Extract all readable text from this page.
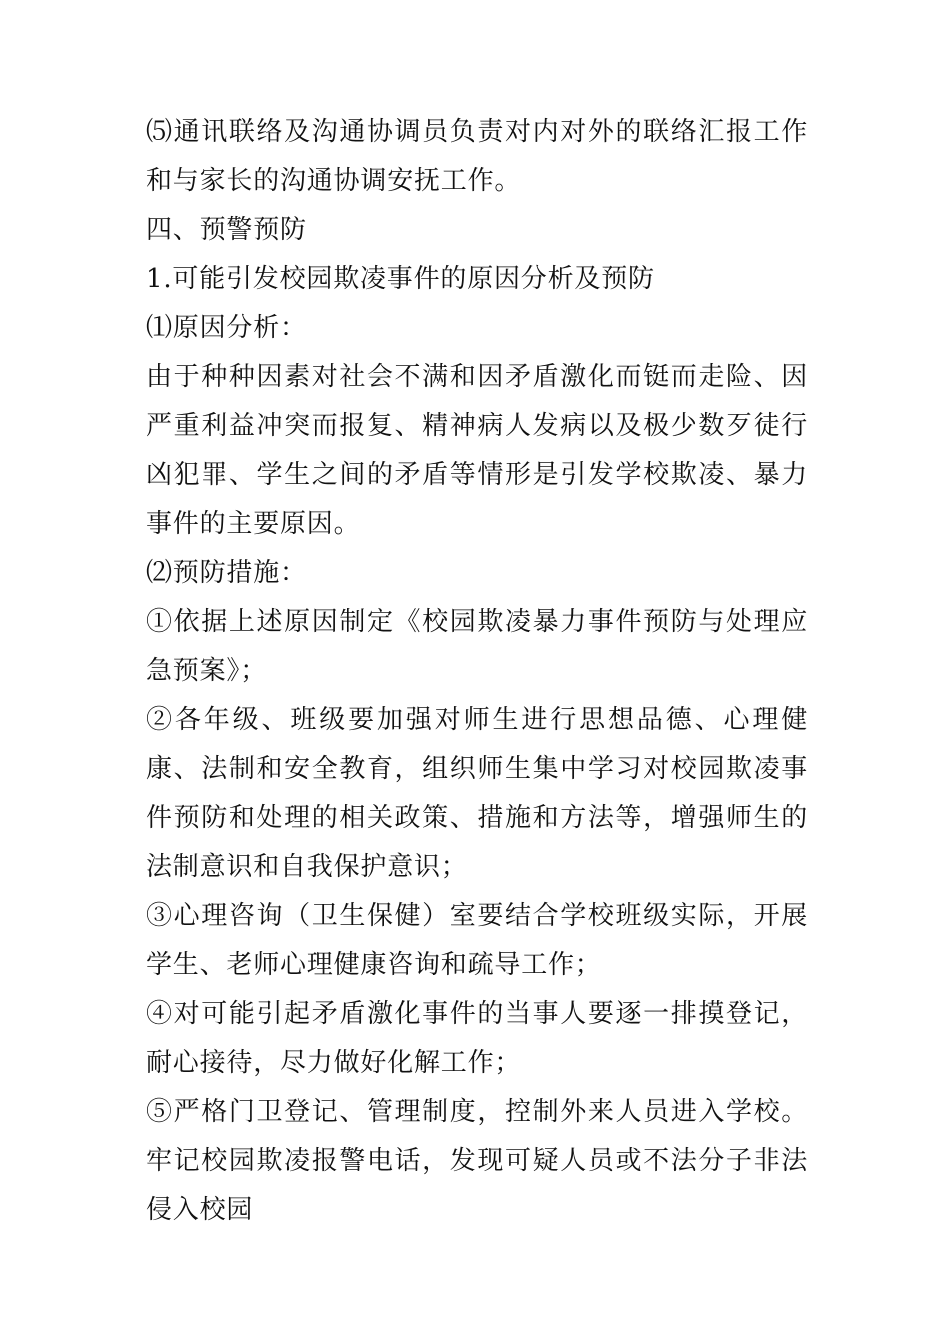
⑸通讯联络及沟通协调员负责对内对外的联络汇报工作和与家长的沟通协调安抚工作。

四、预警预防

1.可能引发校园欺凌事件的原因分析及预防

⑴原因分析：

由于种种因素对社会不满和因矛盾激化而铤而走险、因严重利益冲突而报复、精神病人发病以及极少数歹徒行凶犯罪、学生之间的矛盾等情形是引发学校欺凌、暴力事件的主要原因。

⑵预防措施：

①依据上述原因制定《校园欺凌暴力事件预防与处理应急预案》；

②各年级、班级要加强对师生进行思想品德、心理健康、法制和安全教育，组织师生集中学习对校园欺凌事件预防和处理的相关政策、措施和方法等，增强师生的法制意识和自我保护意识；

③心理咨询（卫生保健）室要结合学校班级实际，开展学生、老师心理健康咨询和疏导工作；

④对可能引起矛盾激化事件的当事人要逐一排摸登记，耐心接待，尽力做好化解工作；

⑤严格门卫登记、管理制度，控制外来人员进入学校。牢记校园欺凌报警电话，发现可疑人员或不法分子非法侵入校园
